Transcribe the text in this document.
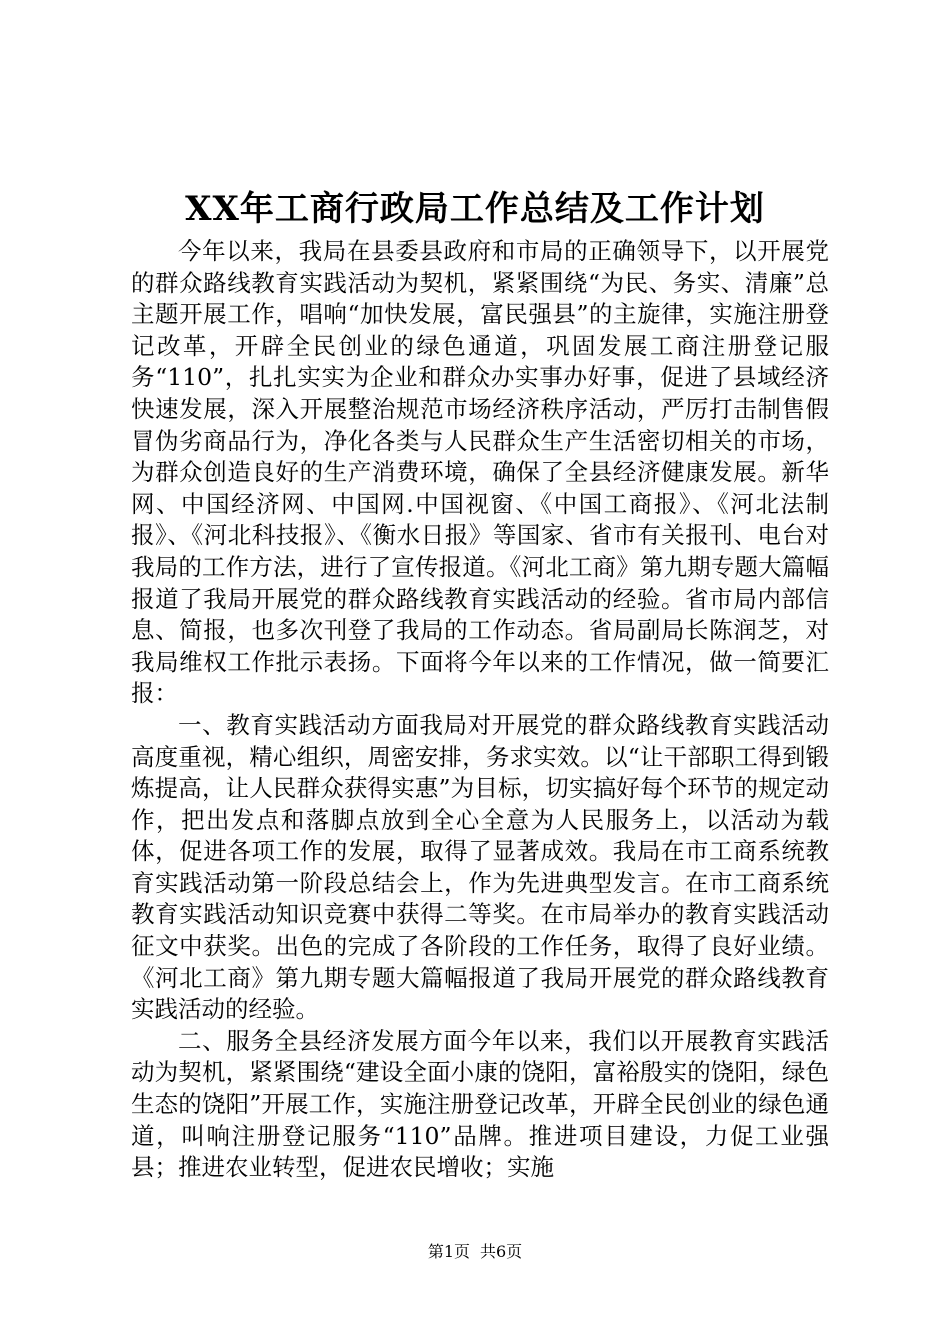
XX年工商行政局工作总结及工作计划

今年以来，我局在县委县政府和市局的正确领导下，以开展党的群众路线教育实践活动为契机，紧紧围绕“为民、务实、清廉”总主题开展工作，唱响“加快发展，富民强县”的主旋律，实施注册登记改革，开辟全民创业的绿色通道，巩固发展工商注册登记服务“110”，扎扎实实为企业和群众办实事办好事，促进了县域经济快速发展，深入开展整治规范市场经济秩序活动，严厉打击制售假冒伪劣商品行为，净化各类与人民群众生产生活密切相关的市场，为群众创造良好的生产消费环境，确保了全县经济健康发展。新华网、中国经济网、中国网.中国视窗、《中国工商报》、《河北法制报》、《河北科技报》、《衡水日报》等国家、省市有关报刊、电台对我局的工作方法，进行了宣传报道。《河北工商》第九期专题大篇幅报道了我局开展党的群众路线教育实践活动的经验。省市局内部信息、简报，也多次刊登了我局的工作动态。省局副局长陈润芝，对我局维权工作批示表扬。下面将今年以来的工作情况，做一简要汇报：

一、教育实践活动方面我局对开展党的群众路线教育实践活动高度重视，精心组织，周密安排，务求实效。以“让干部职工得到锻炼提高，让人民群众获得实惠”为目标，切实搞好每个环节的规定动作，把出发点和落脚点放到全心全意为人民服务上，以活动为载体，促进各项工作的发展，取得了显著成效。我局在市工商系统教育实践活动第一阶段总结会上，作为先进典型发言。在市工商系统教育实践活动知识竞赛中获得二等奖。在市局举办的教育实践活动征文中获奖。出色的完成了各阶段的工作任务，取得了良好业绩。《河北工商》第九期专题大篇幅报道了我局开展党的群众路线教育实践活动的经验。

二、服务全县经济发展方面今年以来，我们以开展教育实践活动为契机，紧紧围绕“建设全面小康的饶阳，富裕殷实的饶阳，绿色生态的饶阳”开展工作，实施注册登记改革，开辟全民创业的绿色通道，叫响注册登记服务“110”品牌。推进项目建设，力促工业强县；推进农业转型，促进农民增收；实施

第1页 共6页
